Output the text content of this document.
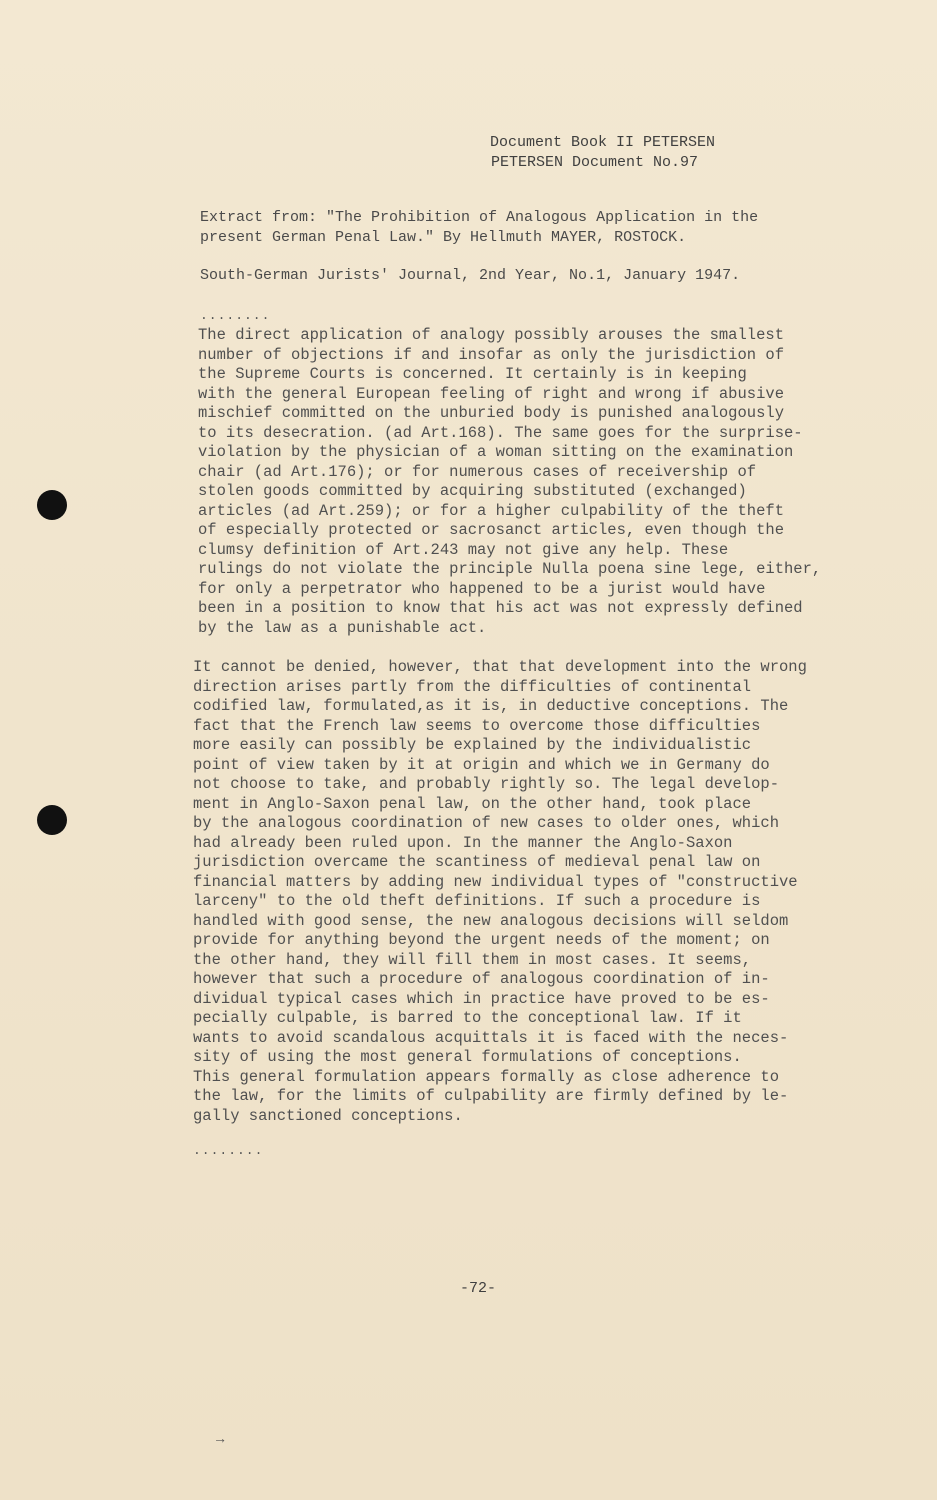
Document Book II PETERSEN
PETERSEN Document No.97
Extract from: "The Prohibition of Analogous Application in the
present German Penal Law." By Hellmuth MAYER, ROSTOCK.
South-German Jurists' Journal, 2nd Year, No.1, January 1947.
........
The direct application of analogy possibly arouses the smallest
number of objections if and insofar as only the jurisdiction of
the Supreme Courts is concerned. It certainly is in keeping
with the general European feeling of right and wrong if abusive
mischief committed on the unburied body is punished analogously
to its desecration. (ad Art.168). The same goes for the surprise-
violation by the physician of a woman sitting on the examination
chair (ad Art.176); or for numerous cases of receivership of
stolen goods committed by acquiring substituted (exchanged)
articles (ad Art.259); or for a higher culpability of the theft
of especially protected or sacrosanct articles, even though the
clumsy definition of Art.243 may not give any help. These
rulings do not violate the principle Nulla poena sine lege, either,
for only a perpetrator who happened to be a jurist would have
been in a position to know that his act was not expressly defined
by the law as a punishable act.
It cannot be denied, however, that that development into the wrong
direction arises partly from the difficulties of continental
codified law, formulated,as it is, in deductive conceptions. The
fact that the French law seems to overcome those difficulties
more easily can possibly be explained by the individualistic
point of view taken by it at origin and which we in Germany do
not choose to take, and probably rightly so. The legal develop-
ment in Anglo-Saxon penal law, on the other hand, took place
by the analogous coordination of new cases to older ones, which
had already been ruled upon. In the manner the Anglo-Saxon
jurisdiction overcame the scantiness of medieval penal law on
financial matters by adding new individual types of "constructive
larceny" to the old theft definitions. If such a procedure is
handled with good sense, the new analogous decisions will seldom
provide for anything beyond the urgent needs of the moment; on
the other hand, they will fill them in most cases. It seems,
however that such a procedure of analogous coordination of in-
dividual typical cases which in practice have proved to be es-
pecially culpable, is barred to the conceptional law. If it
wants to avoid scandalous acquittals it is faced with the neces-
sity of using the most general formulations of conceptions.
This general formulation appears formally as close adherence to
the law, for the limits of culpability are firmly defined by le-
gally sanctioned conceptions.
........
-72-
→
